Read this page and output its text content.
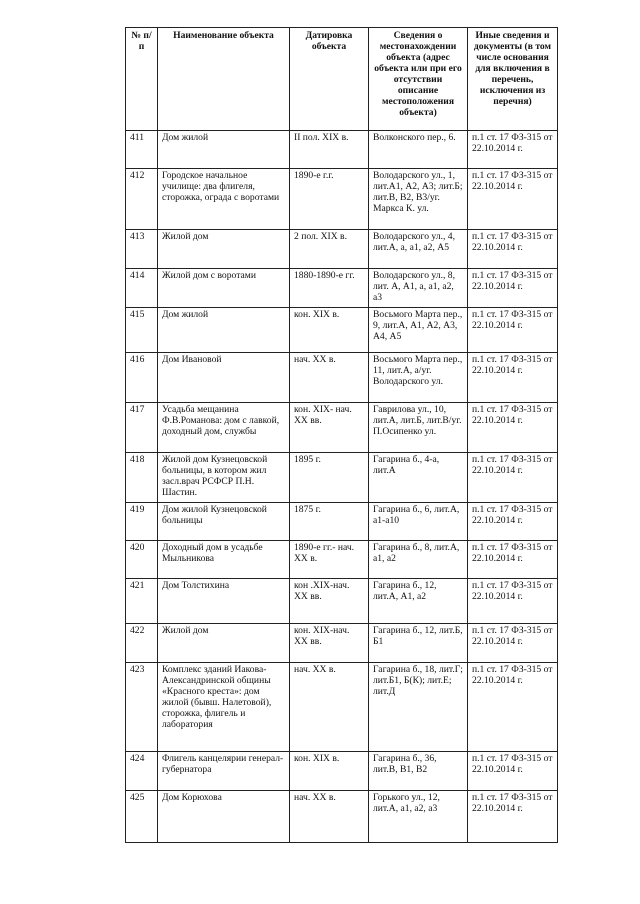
№ п/п	Наименование объекта	Датировка объекта	Сведения о местонахождении объекта (адрес объекта или при его отсутствии описание местоположения объекта)	Иные сведения и документы (в том числе основания для включения в перечень, исключения из перечня)
411	Дом жилой	II пол. XIX в.	Волконского пер., 6.	п.1 ст. 17 ФЗ-315 от 22.10.2014 г.
412	Городское начальное училище: два флигеля, сторожка, ограда с воротами	1890-е г.г.	Володарского ул., 1, лит.А1, А2, А3; лит.Б; лит.В, В2, В3/уг. Маркса К. ул.	п.1 ст. 17 ФЗ-315 от 22.10.2014 г.
413	Жилой дом	2 пол. XIX в.	Володарского ул., 4, лит.А, а, а1, а2, А5	п.1 ст. 17 ФЗ-315 от 22.10.2014 г.
414	Жилой дом с воротами	1880-1890-е гг.	Володарского ул., 8, лит. А, А1, а, а1, а2, а3	п.1 ст. 17 ФЗ-315 от 22.10.2014 г.
415	Дом жилой	кон. XIX в.	Восьмого Марта пер., 9, лит.А, А1, А2, А3, А4, А5	п.1 ст. 17 ФЗ-315 от 22.10.2014 г.
416	Дом Ивановой	нач. XX в.	Восьмого Марта пер., 11, лит.А, а/уг. Володарского ул.	п.1 ст. 17 ФЗ-315 от 22.10.2014 г.
417	Усадьба мещанина Ф.В.Романова: дом с лавкой, доходный дом, службы	кон. XIX- нач. XX вв.	Гаврилова ул., 10, лит.А, лит.Б, лит.В/уг. П.Осипенко ул.	п.1 ст. 17 ФЗ-315 от 22.10.2014 г.
418	Жилой дом Кузнецовской больницы, в котором жил засл.врач РСФСР П.Н. Шастин.	1895 г.	Гагарина б., 4-а, лит.А	п.1 ст. 17 ФЗ-315 от 22.10.2014 г.
419	Дом жилой Кузнецовской больницы	1875 г.	Гагарина б., 6, лит.А, а1-а10	п.1 ст. 17 ФЗ-315 от 22.10.2014 г.
420	Доходный дом в усадьбе Мыльникова	1890-е гг.- нач. XX в.	Гагарина б., 8, лит.А, а1, а2	п.1 ст. 17 ФЗ-315 от 22.10.2014 г.
421	Дом Толстихина	кон .XIX-нач. XX вв.	Гагарина б., 12, лит.А, А1, а2	п.1 ст. 17 ФЗ-315 от 22.10.2014 г.
422	Жилой дом	кон. XIX-нач. XX вв.	Гагарина б., 12, лит.Б, Б1	п.1 ст. 17 ФЗ-315 от 22.10.2014 г.
423	Комплекс зданий Иакова-Александринской общины «Красного креста»: дом жилой (бывш. Налетовой), сторожка, флигель и лаборатория	нач. XX в.	Гагарина б., 18, лит.Г; лит.Б1, Б(К); лит.Е; лит.Д	п.1 ст. 17 ФЗ-315 от 22.10.2014 г.
424	Флигель канцелярии генерал-губернатора	кон. XIX в.	Гагарина б., 36, лит.В, В1, В2	п.1 ст. 17 ФЗ-315 от 22.10.2014 г.
425	Дом Корюхова	нач. XX в.	Горького ул., 12, лит.А, а1, а2, а3	п.1 ст. 17 ФЗ-315 от 22.10.2014 г.
